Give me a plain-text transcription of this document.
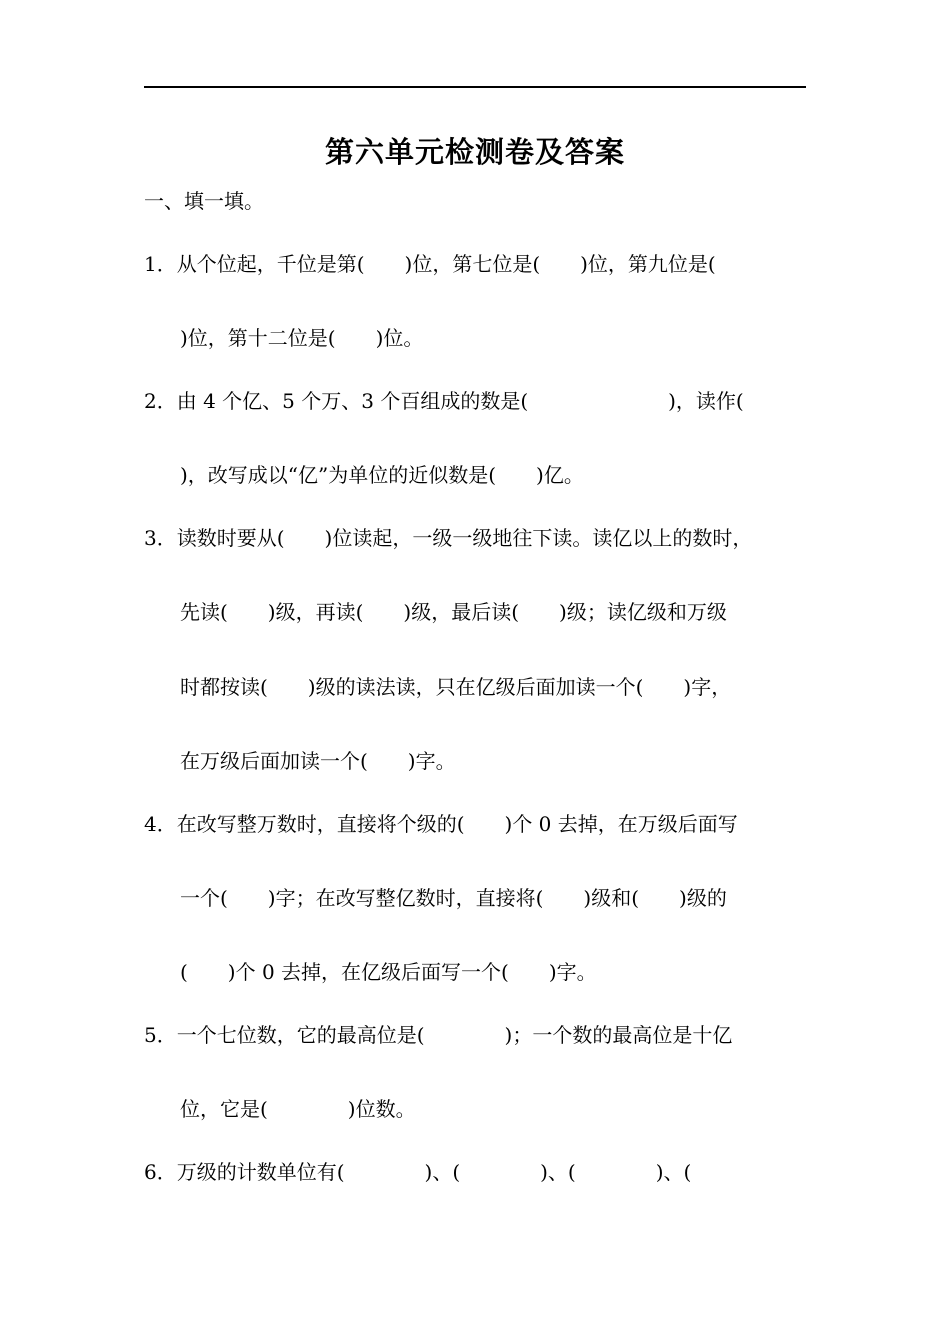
第六单元检测卷及答案
一、填一填。
1．从个位起，千位是第(　　)位，第七位是(　　)位，第九位是(
)位，第十二位是(　　)位。
2．由 4 个亿、5 个万、3 个百组成的数是(　　　　　　　)，读作(
)，改写成以“亿”为单位的近似数是(　　)亿。
3．读数时要从(　　)位读起，一级一级地往下读。读亿以上的数时，
先读(　　)级，再读(　　)级，最后读(　　)级；读亿级和万级
时都按读(　　)级的读法读，只在亿级后面加读一个(　　)字，
在万级后面加读一个(　　)字。
4．在改写整万数时，直接将个级的(　　)个 0 去掉，在万级后面写
一个(　　)字；在改写整亿数时，直接将(　　)级和(　　)级的
(　　)个 0 去掉，在亿级后面写一个(　　)字。
5．一个七位数，它的最高位是(　　　　)；一个数的最高位是十亿
位，它是(　　　　)位数。
6．万级的计数单位有(　　　　)、(　　　　)、(　　　　)、(
